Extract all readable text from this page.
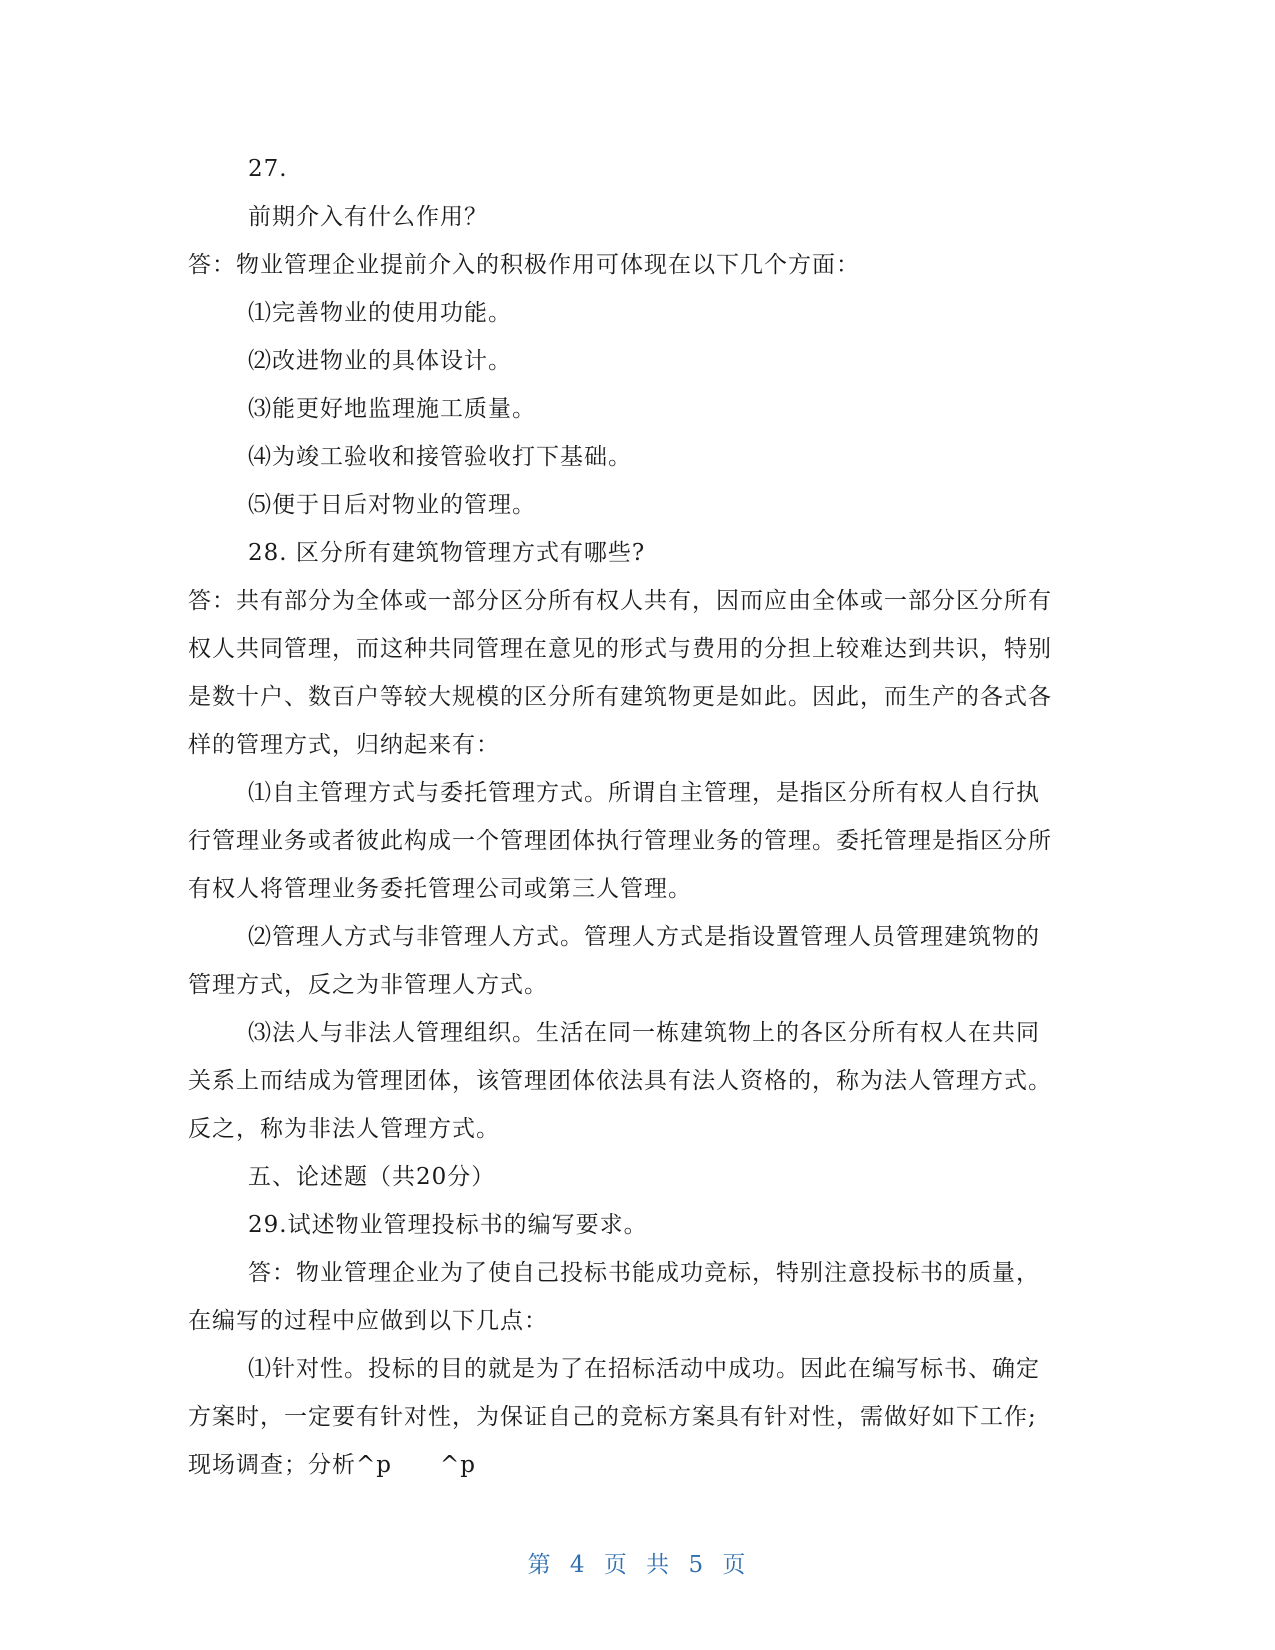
27.

前期介入有什么作用？

答：物业管理企业提前介入的积极作用可体现在以下几个方面：

⑴完善物业的使用功能。

⑵改进物业的具体设计。

⑶能更好地监理施工质量。

⑷为竣工验收和接管验收打下基础。

⑸便于日后对物业的管理。

28. 区分所有建筑物管理方式有哪些?

答：共有部分为全体或一部分区分所有权人共有，因而应由全体或一部分区分所有

权人共同管理，而这种共同管理在意见的形式与费用的分担上较难达到共识，特别

是数十户、数百户等较大规模的区分所有建筑物更是如此。因此，而生产的各式各

样的管理方式，归纳起来有：

⑴自主管理方式与委托管理方式。所谓自主管理，是指区分所有权人自行执

行管理业务或者彼此构成一个管理团体执行管理业务的管理。委托管理是指区分所

有权人将管理业务委托管理公司或第三人管理。

⑵管理人方式与非管理人方式。管理人方式是指设置管理人员管理建筑物的

管理方式，反之为非管理人方式。

⑶法人与非法人管理组织。生活在同一栋建筑物上的各区分所有权人在共同

关系上而结成为管理团体，该管理团体依法具有法人资格的，称为法人管理方式。

反之，称为非法人管理方式。

五、论述题（共20分）

29.试述物业管理投标书的编写要求。

答：物业管理企业为了使自己投标书能成功竞标，特别注意投标书的质量，

在编写的过程中应做到以下几点：

⑴针对性。投标的目的就是为了在招标活动中成功。因此在编写标书、确定

方案时，一定要有针对性，为保证自己的竞标方案具有针对性，需做好如下工作;

现场调查；分析^p　　^p

第 4 页 共 5 页
